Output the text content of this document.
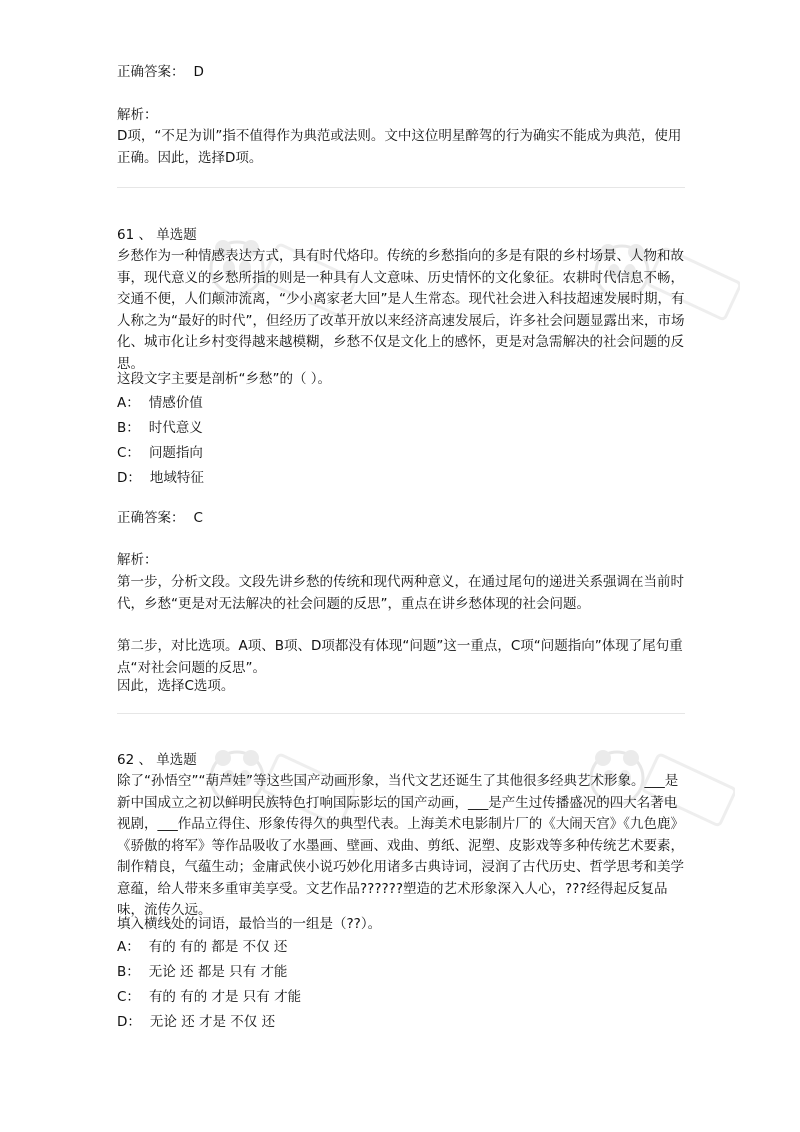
正确答案： D
解析：
D项，“不足为训”指不值得作为典范或法则。文中这位明星醉驾的行为确实不能成为典范，使用正确。因此，选择D项。
61 、 单选题
乡愁作为一种情感表达方式，具有时代烙印。传统的乡愁指向的多是有限的乡村场景、人物和故事，现代意义的乡愁所指的则是一种具有人文意味、历史情怀的文化象征。农耕时代信息不畅，交通不便，人们颠沛流离，“少小离家老大回”是人生常态。现代社会进入科技超速发展时期，有人称之为“最好的时代”，但经历了改革开放以来经济高速发展后，许多社会问题显露出来，市场化、城市化让乡村变得越来越模糊，乡愁不仅是文化上的感怀，更是对急需解决的社会问题的反思。
这段文字主要是剖析“乡愁”的（ ）。
A： 情感价值
B： 时代意义
C： 问题指向
D： 地域特征
正确答案： C
解析：
第一步，分析文段。文段先讲乡愁的传统和现代两种意义，在通过尾句的递进关系强调在当前时代，乡愁“更是对无法解决的社会问题的反思”，重点在讲乡愁体现的社会问题。
第二步，对比选项。A项、B项、D项都没有体现“问题”这一重点，C项“问题指向”体现了尾句重点“对社会问题的反思”。
因此，选择C选项。
62 、 单选题
除了“孙悟空”“葫芦娃”等这些国产动画形象，当代文艺还诞生了其他很多经典艺术形象。___是新中国成立之初以鲜明民族特色打响国际影坛的国产动画，___是产生过传播盛况的四大名著电视剧，___作品立得住、形象传得久的典型代表。上海美术电影制片厂的《大闹天宫》《九色鹿》《骄傲的将军》等作品吸收了水墨画、壁画、戏曲、剪纸、泥塑、皮影戏等多种传统艺术要素，制作精良，气蕴生动；金庸武侠小说巧妙化用诸多古典诗词，浸润了古代历史、哲学思考和美学意蕴，给人带来多重审美享受。文艺作品??????塑造的艺术形象深入人心，???经得起反复品味，流传久远。
填入横线处的词语，最恰当的一组是（??）。
A： 有的 有的 都是 不仅 还
B： 无论 还 都是 只有 才能
C： 有的 有的 才是 只有 才能
D： 无论 还 才是 不仅 还
